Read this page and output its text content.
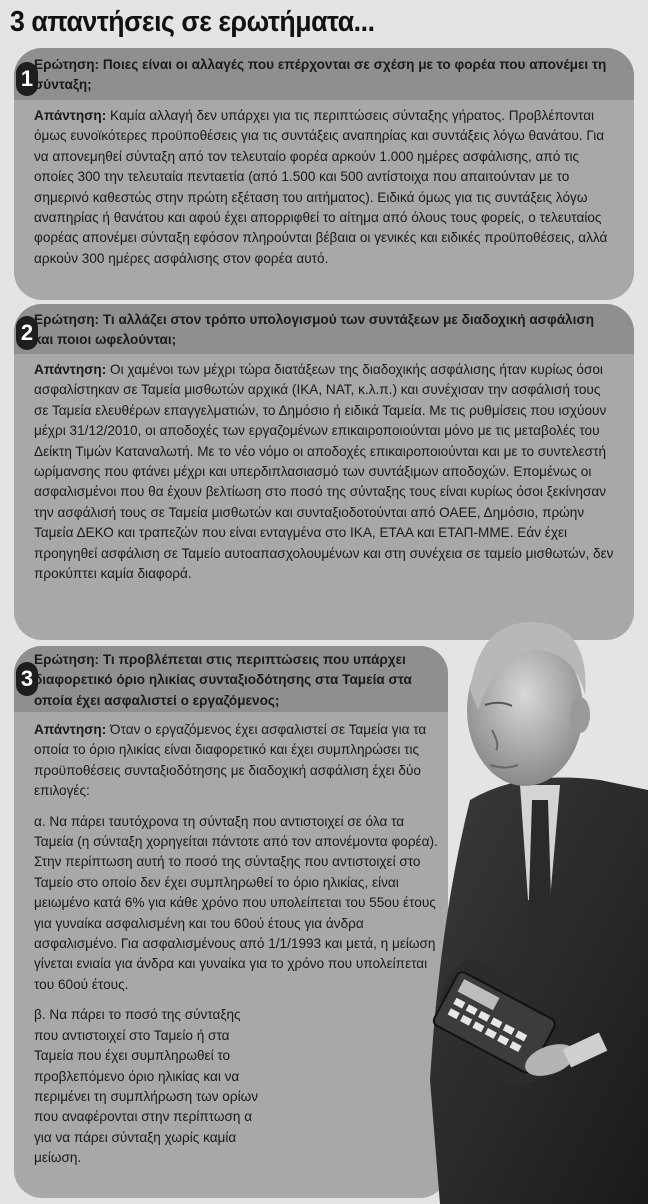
3 απαντήσεις σε ερωτήματα...
1
Ερώτηση: Ποιες είναι οι αλλαγές που επέρχονται σε σχέση με το φορέα που απονέμει τη σύνταξη;
Απάντηση: Καμία αλλαγή δεν υπάρχει για τις περιπτώσεις σύνταξης γήρατος. Προβλέπονται όμως ευνοϊκότερες προϋποθέσεις για τις συντάξεις αναπηρίας και συντάξεις λόγω θανάτου. Για να απονεμηθεί σύνταξη από τον τελευταίο φορέα αρκούν 1.000 ημέρες ασφάλισης, από τις οποίες 300 την τελευταία πενταετία (από 1.500 και 500 αντίστοιχα που απαιτούνταν με το σημερινό καθεστώς στην πρώτη εξέταση του αιτήματος). Ειδικά όμως για τις συντάξεις λόγω αναπηρίας ή θανάτου και αφού έχει απορριφθεί το αίτημα από όλους τους φορείς, ο τελευταίος φορέας απονέμει σύνταξη εφόσον πληρούνται βέβαια οι γενικές και ειδικές προϋποθέσεις, αλλά αρκούν 300 ημέρες ασφάλισης στον φορέα αυτό.
2
Ερώτηση: Τι αλλάζει στον τρόπο υπολογισμού των συντάξεων με διαδοχική ασφάλιση και ποιοι ωφελούνται;
Απάντηση: Οι χαμένοι των μέχρι τώρα διατάξεων της διαδοχικής ασφάλισης ήταν κυρίως όσοι ασφαλίστηκαν σε Ταμεία μισθωτών αρχικά (ΙΚΑ, ΝΑΤ, κ.λ.π.) και συνέχισαν την ασφάλισή τους σε Ταμεία ελευθέρων επαγγελματιών, το Δημόσιο ή ειδικά Ταμεία. Με τις ρυθμίσεις που ισχύουν μέχρι 31/12/2010, οι αποδοχές των εργαζομένων επικαιροποιούνται μόνο με τις μεταβολές του Δείκτη Τιμών Καταναλωτή. Με το νέο νόμο οι αποδοχές επικαιροποιούνται και με το συντελεστή ωρίμανσης που φτάνει μέχρι και υπερδιπλασιασμό των συντάξιμων αποδοχών. Επομένως οι ασφαλισμένοι που θα έχουν βελτίωση στο ποσό της σύνταξης τους είναι κυρίως όσοι ξεκίνησαν την ασφάλισή τους σε Ταμεία μισθωτών και συνταξιοδοτούνται από ΟΑΕΕ, Δημόσιο, πρώην Ταμεία ΔΕΚΟ και τραπεζών που είναι ενταγμένα στο ΙΚΑ, ΕΤΑΑ και ΕΤΑΠ-ΜΜΕ. Εάν έχει προηγηθεί ασφάλιση σε Ταμείο αυτοαπασχολουμένων και στη συνέχεια σε ταμείο μισθωτών, δεν προκύπτει καμία διαφορά.
3
Ερώτηση: Τι προβλέπεται στις περιπτώσεις που υπάρχει διαφορετικό όριο ηλικίας συνταξιοδότησης στα Ταμεία στα οποία έχει ασφαλιστεί ο εργαζόμενος;

Απάντηση: Όταν ο εργαζόμενος έχει ασφαλιστεί σε Ταμεία για τα οποία το όριο ηλικίας είναι διαφορετικό και έχει συμπληρώσει τις προϋποθέσεις συνταξιοδότησης με διαδοχική ασφάλιση έχει δύο επιλογές:

α. Να πάρει ταυτόχρονα τη σύνταξη που αντιστοιχεί σε όλα τα Ταμεία (η σύνταξη χορηγείται πάντοτε από τον απονέμοντα φορέα). Στην περίπτωση αυτή το ποσό της σύνταξης που αντιστοιχεί στο Ταμείο στο οποίο δεν έχει συμπληρωθεί το όριο ηλικίας, είναι μειωμένο κατά 6% για κάθε χρόνο που υπολείπεται του 55ου έτους για γυναίκα ασφαλισμένη και του 60ού έτους για άνδρα ασφαλισμένο. Για ασφαλισμένους από 1/1/1993 και μετά, η μείωση γίνεται ενιαία για άνδρα και γυναίκα για το χρόνο που υπολείπεται του 60ού έτους.

β. Να πάρει το ποσό της σύνταξης που αντιστοιχεί στο Ταμείο ή στα Ταμεία που έχει συμπληρωθεί το προβλεπόμενο όριο ηλικίας και να περιμένει τη συμπλήρωση των ορίων που αναφέρονται στην περίπτωση α για να πάρει σύνταξη χωρίς καμία μείωση.
